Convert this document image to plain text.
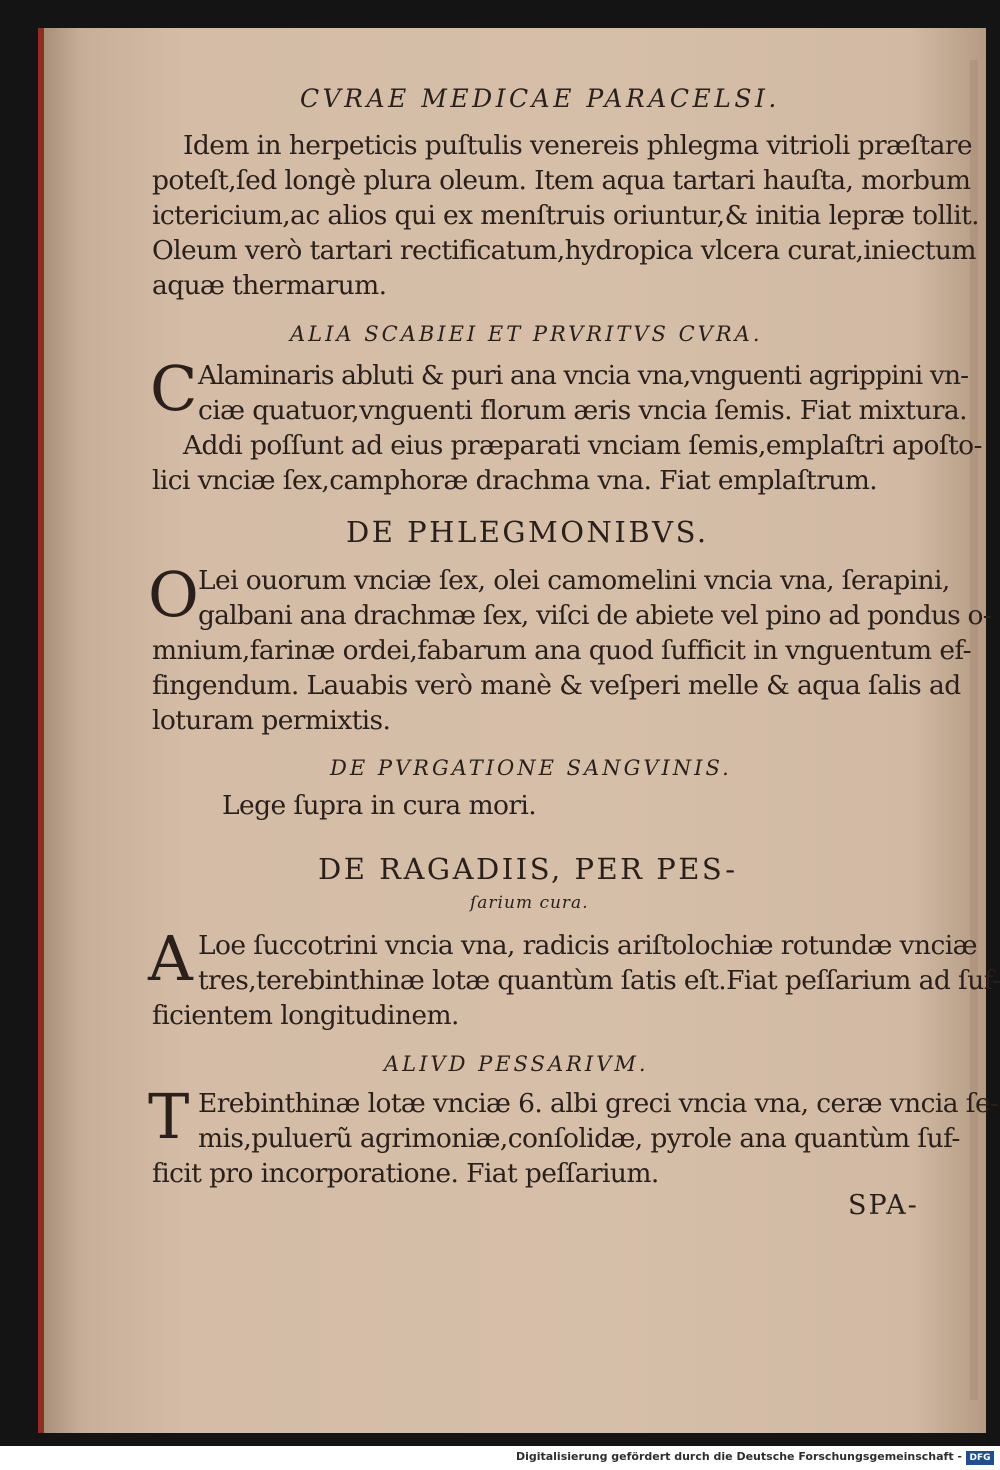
CVRAE MEDICAE PARACELSI.
Idem in herpeticis puſtulis venereis phlegma vitrioli præſtare
poteſt,ſed longè plura oleum. Item aqua tartari hauſta, morbum
ictericium,ac alios qui ex menſtruis oriuntur,& initia lepræ tollit.
Oleum verò tartari rectificatum,hydropica vlcera curat,iniectum
aquæ thermarum.
ALIA SCABIEI ET PRVRITVS CVRA.
C Alaminaris abluti & puri ana vncia vna,vnguenti agrippini vn-
ciæ quatuor,vnguenti florum æris vncia ſemis. Fiat mixtura.
Addi poſſunt ad eius præparati vnciam ſemis,emplaſtri apoſto-
lici vnciæ ſex,camphoræ drachma vna. Fiat emplaſtrum.
DE PHLEGMONIBVS.
O Lei ouorum vnciæ ſex, olei camomelini vncia vna, ſerapini,
galbani ana drachmæ ſex, viſci de abiete vel pino ad pondus o-
mnium,farinæ ordei,fabarum ana quod ſufficit in vnguentum ef-
fingendum. Lauabis verò manè & veſperi melle & aqua ſalis ad
loturam permixtis.
DE PVRGATIONE SANGVINIS.
Lege ſupra in cura mori.
DE RAGADIIS, PER PES-
ſarium cura.
A Loe ſuccotrini vncia vna, radicis ariſtolochiæ rotundæ vnciæ
tres,terebinthinæ lotæ quantùm ſatis eſt.Fiat peſſarium ad ſuf-
ficientem longitudinem.
ALIVD PESSARIVM.
T Erebinthinæ lotæ vnciæ 6. albi greci vncia vna, ceræ vncia ſe-
mis,puluerũ agrimoniæ,conſolidæ, pyrole ana quantùm ſuf-
ficit pro incorporatione. Fiat peſſarium.
SPA-
Digitalisierung gefördert durch die Deutsche Forschungsgemeinschaft - DFG
